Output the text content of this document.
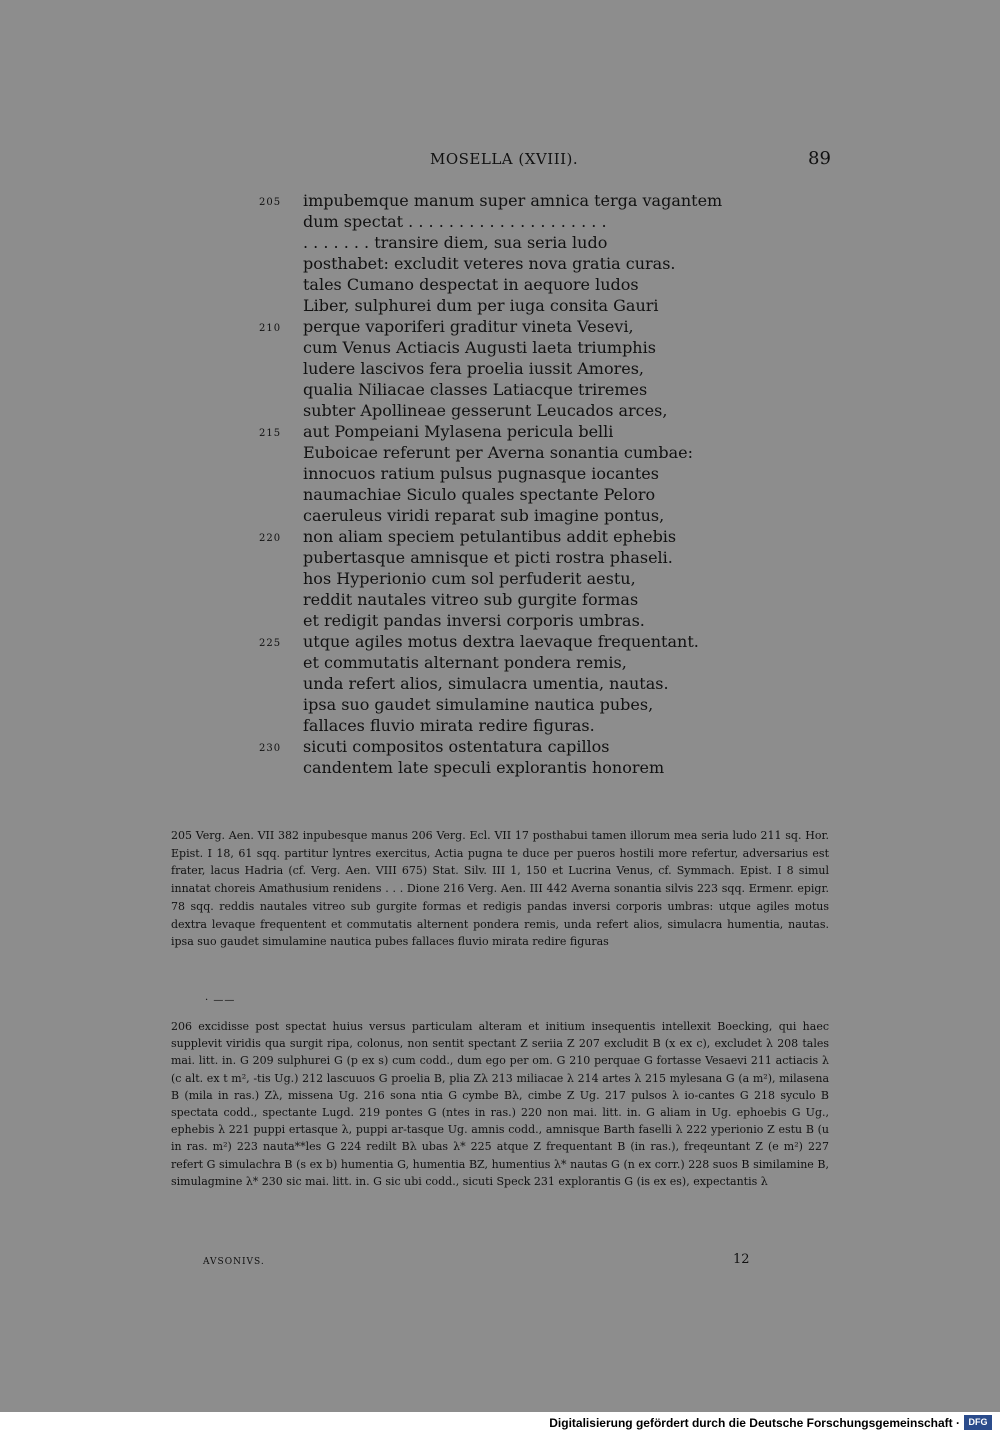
MOSELLA (XVIII).	89
impubemque manum super amnica terga vagantem
dum spectat . . . . . . . . . . . . . . . . . . . .
. . . . . . . transire diem, sua seria ludo
posthabet: excludit veteres nova gratia curas.
tales Cumano despectat in aequore ludos
Liber, sulphurei dum per iuga consita Gauri
perque vaporiferi graditur vineta Vesevi,
cum Venus Actiacis Augusti laeta triumphis
ludere lascivos fera proelia iussit Amores,
qualia Niliacae classes Latiacque triremes
subter Apollineae gesserunt Leucados arces,
aut Pompeiani Mylasena pericula belli
Euboicae referunt per Averna sonantia cumbae:
innocuos ratium pulsus pugnasque iocantes
naumachiae Siculo quales spectante Peloro
caeruleus viridi reparat sub imagine pontus,
non aliam speciem petulantibus addit ephebis
pubertasque amnisque et picti rostra phaseli.
hos Hyperionio cum sol perfuderit aestu,
reddit nautales vitreo sub gurgite formas
et redigit pandas inversi corporis umbras.
utque agiles motus dextra laevaque frequentant.
et commutatis alternant pondera remis,
unda refert alios, simulacra umentia, nautas.
ipsa suo gaudet simulamine nautica pubes,
fallaces fluvio mirata redire figuras.
sicuti compositos ostentatura capillos
candentem late speculi explorantis honorem
205
210
215
220
225
230
205 Verg. Aen. VII 382 inpubesque manus 206 Verg. Ecl. VII 17 posthabui tamen illorum mea seria ludo 211 sq. Hor. Epist. I 18, 61 sqq. partitur lyntres exercitus, Actia pugna te duce per pueros hostili more refertur, adversarius est frater, lacus Hadria (cf. Verg. Aen. VIII 675) Stat. Silv. III 1, 150 et Lucrina Venus, cf. Symmach. Epist. I 8 simul innatat choreis Amathusium renidens . . . Dione 216 Verg. Aen. III 442 Averna sonantia silvis 223 sqq. Ermenr. epigr. 78 sqq. reddis nautales vitreo sub gurgite formas et redigis pandas inversi corporis umbras: utque agiles motus dextra levaque frequentent et commutatis alternent pondera remis, unda refert alios, simulacra humentia, nautas. ipsa suo gaudet simulamine nautica pubes fallaces fluvio mirata redire figuras
· ——
206 excidisse post spectat huius versus particulam alteram et initium insequentis intellexit Boecking, qui haec supplevit viridis qua surgit ripa, colonus, non sentit spectant Z seriia Z 207 excludit B (x ex c), excludet λ 208 tales mai. litt. in. G 209 sulphurei G (p ex s) cum codd., dum ego per om. G 210 perquae G fortasse Vesaevi 211 actiacis λ (c alt. ex t m², -tis Ug.) 212 lascuuos G proelia B, plia Zλ 213 miliacae λ 214 artes λ 215 mylesana G (a m²), milasena B (mila in ras.) Zλ, missena Ug. 216 sona ntia G cymbe Bλ, cimbe Z Ug. 217 pulsos λ io-cantes G 218 syculo B spectata codd., spectante Lugd. 219 pontes G (ntes in ras.) 220 non mai. litt. in. G aliam in Ug. ephoebis G Ug., ephebis λ 221 puppi ertasque λ, puppi ar-tasque Ug. amnis codd., amnisque Barth faselli λ 222 yperionio Z estu B (u in ras. m²) 223 nauta**les G 224 redilt Bλ ubas λ* 225 atque Z frequentant B (in ras.), freqeuntant Z (e m²) 227 refert G simulachra B (s ex b) humentia G, humentia BZ, humentius λ* nautas G (n ex corr.) 228 suos B similamine B, simulagmine λ* 230 sic mai. litt. in. G sic ubi codd., sicuti Speck 231 explorantis G (is ex es), expectantis λ
AVSONIVS.	12
Digitalisierung gefördert durch die Deutsche Forschungsgemeinschaft · DFG
